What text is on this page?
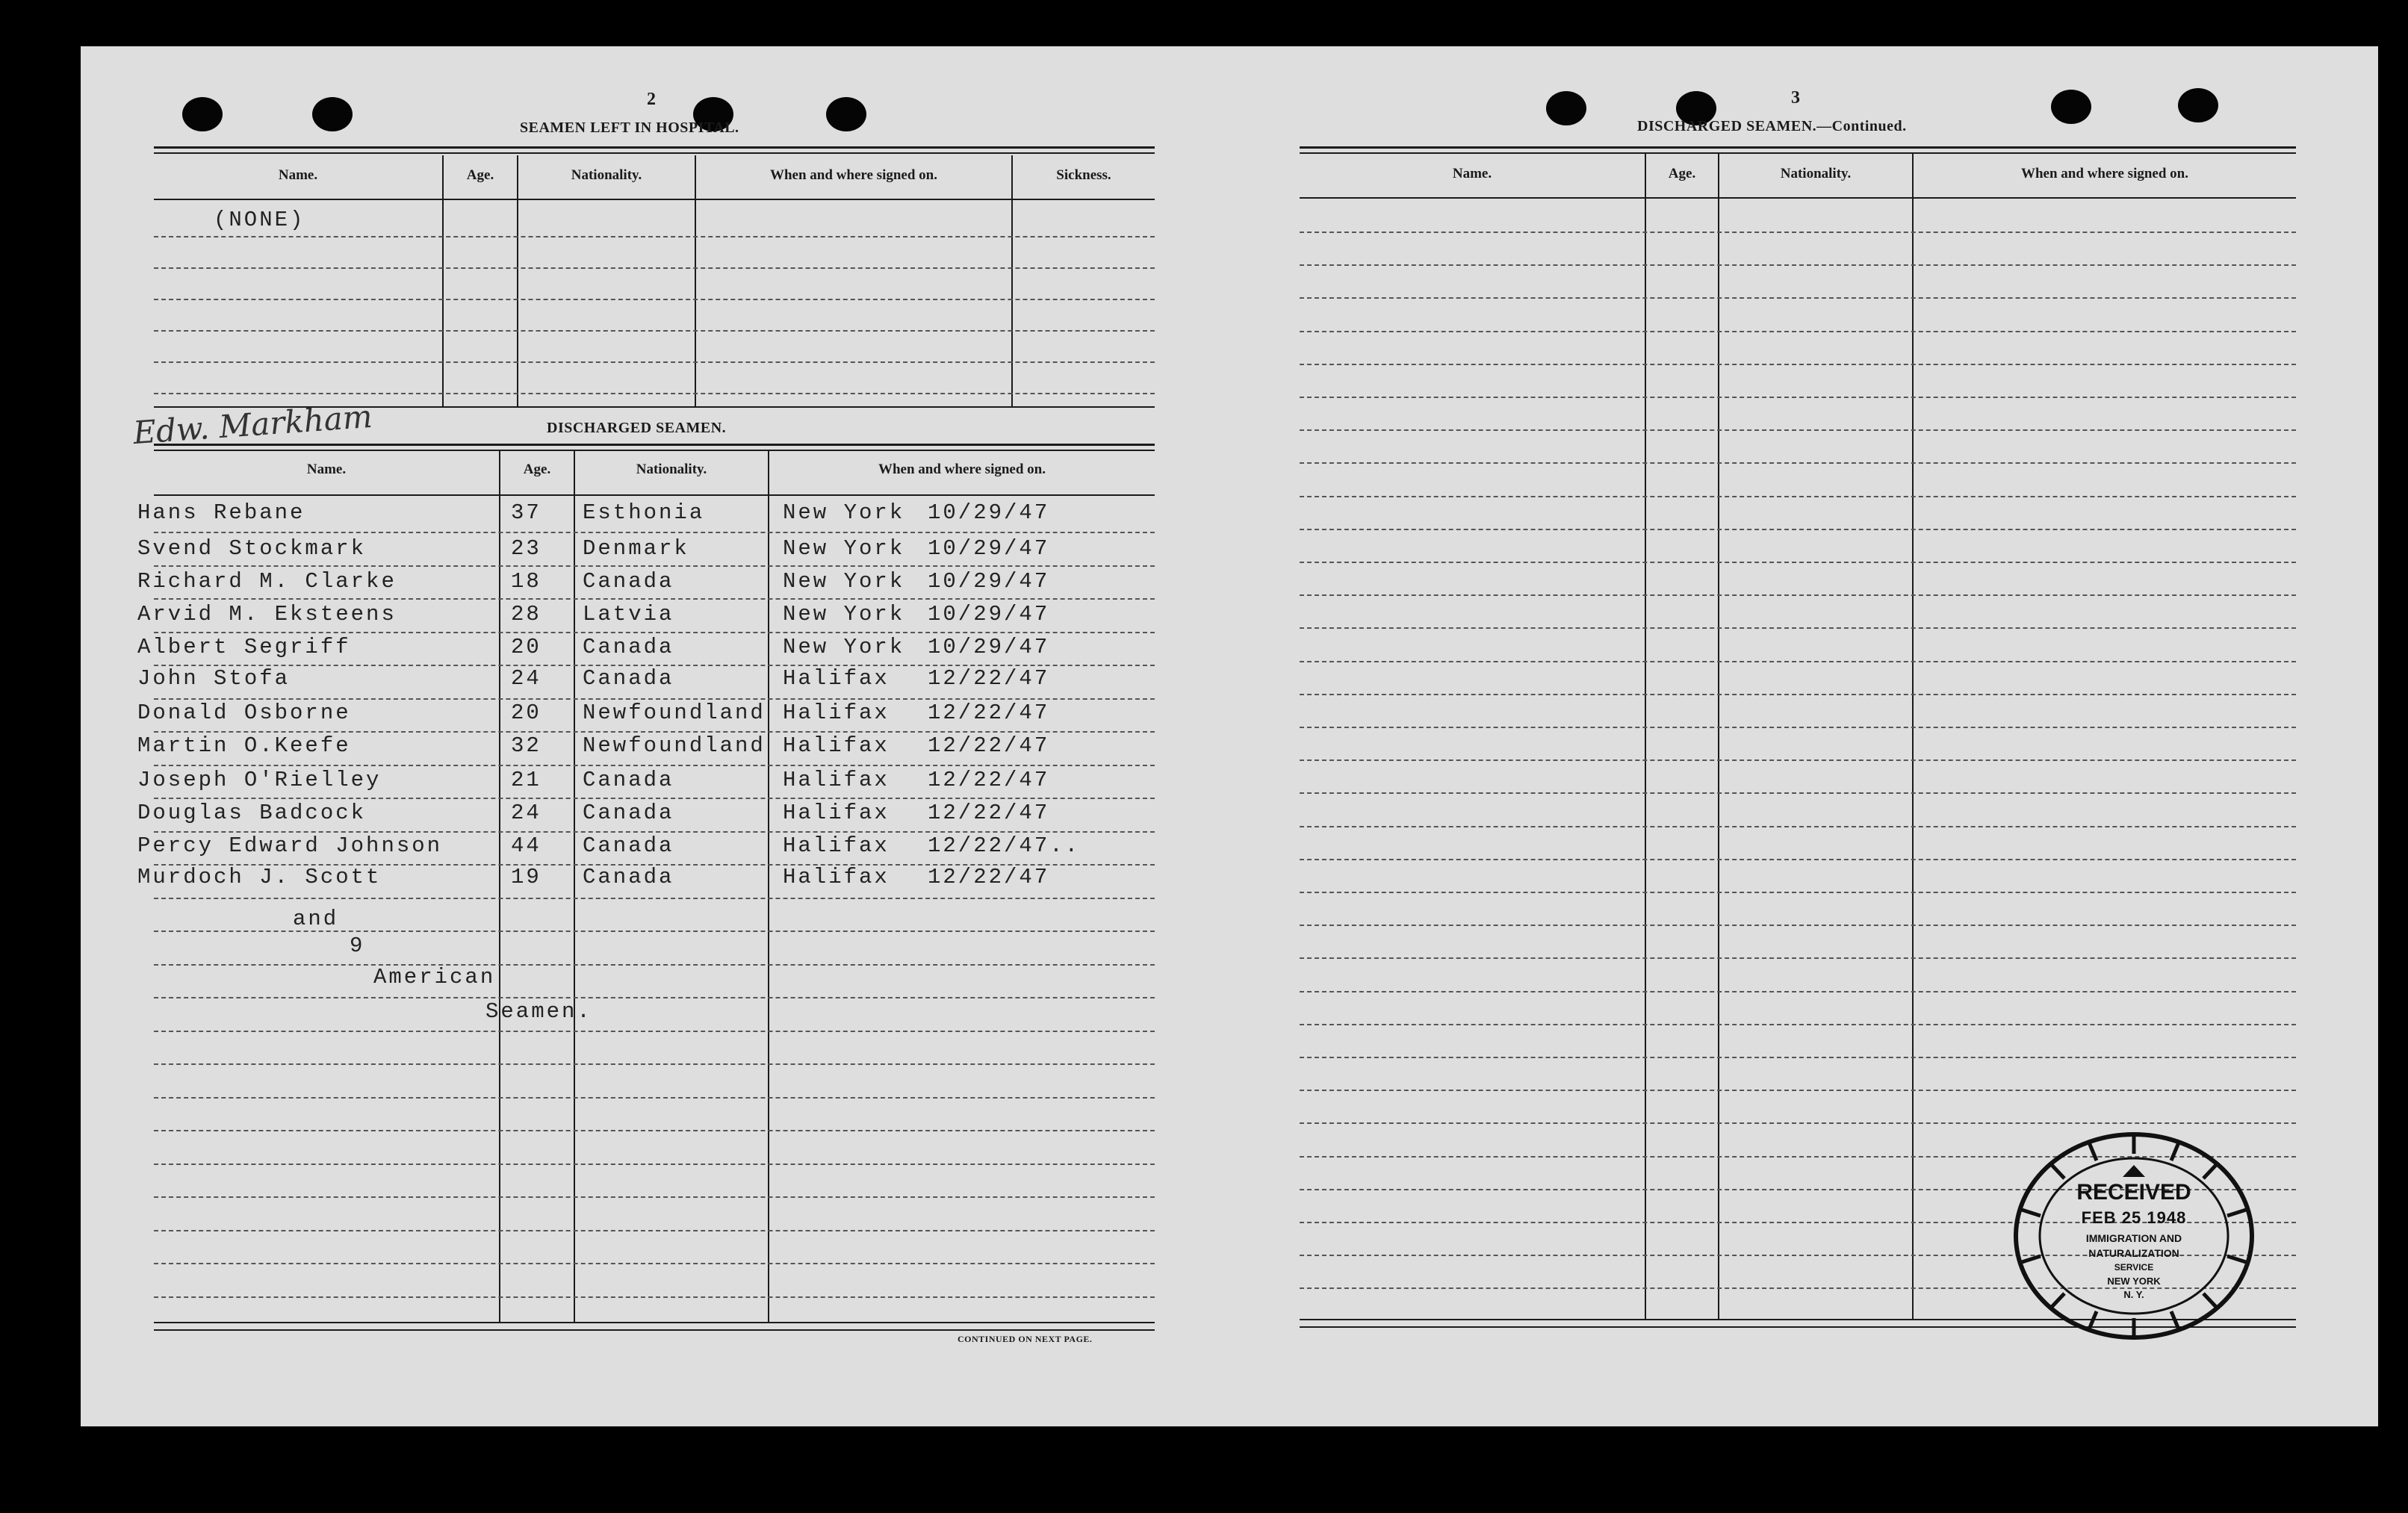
2
SEAMEN LEFT IN HOSPITAL.
Name.	Age.	Nationality.	When and where signed on.	Sickness.
(NONE)
Edw. Markham	DISCHARGED SEAMEN.
Name.	Age.	Nationality.	When and where signed on.
Hans Rebane	37 Esthonia	New York 10/29/47
Svend Stockmark	23 Denmark	New York 10/29/47
Richard M. Clarke	18 Canada	New York 10/29/47
Arvid M. Eksteens	28 Latvia	New York 10/29/47
Albert Segriff	20 Canada	New York 10/29/47
John Stofa	24 Canada	Halifax 12/22/47
Donald Osborne	20 Newfoundland Halifax 12/22/47
Martin O.Keefe	32 Newfoundland Halifax 12/22/47
Joseph O'Rielley	21 Canada	Halifax 12/22/47
Douglas Badcock	24 Canada	Halifax 12/22/47
Percy Edward Johnson	44 Canada	Halifax 12/22/47..
Murdoch J. Scott	19 Canada	Halifax 12/22/47
and
9
American
Seamen.
CONTINUED ON NEXT PAGE.
3
DISCHARGED SEAMEN.—Continued.
Name.	Age.	Nationality.	When and where signed on.
RECEIVED
FEB 25 1948
IMMIGRATION AND
NATURALIZATION
SERVICE
NEW YORK
N. Y.
